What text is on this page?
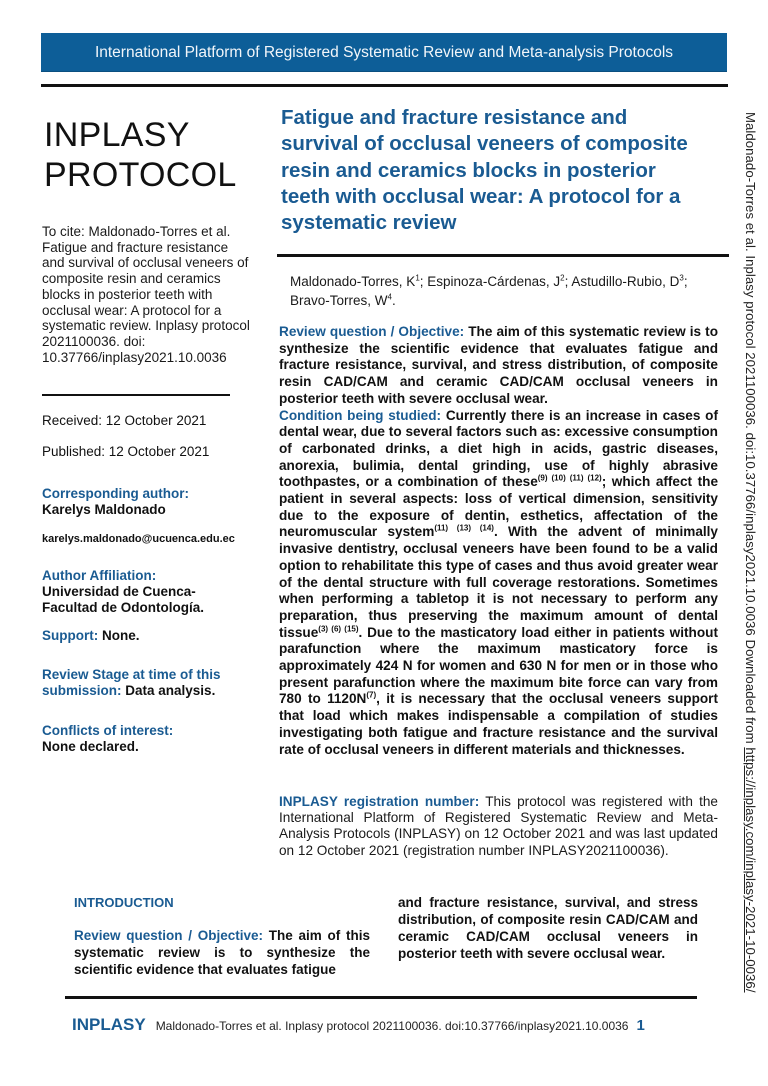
International Platform of Registered Systematic Review and Meta-analysis Protocols
INPLASY
PROTOCOL
To cite: Maldonado-Torres et al. Fatigue and fracture resistance and survival of occlusal veneers of composite resin and ceramics blocks in posterior teeth with occlusal wear: A protocol for a systematic review. Inplasy protocol 2021100036. doi: 10.37766/inplasy2021.10.0036
Received: 12 October 2021
Published: 12 October 2021
Corresponding author:
Karelys Maldonado
karelys.maldonado@ucuenca.edu.ec
Author Affiliation:
Universidad de Cuenca-
Facultad de Odontología.
Support: None.
Review Stage at time of this submission: Data analysis.
Conflicts of interest:
None declared.
Fatigue and fracture resistance and survival of occlusal veneers of composite resin and ceramics blocks in posterior teeth with occlusal wear: A protocol for a systematic review
Maldonado-Torres, $K^1$; Espinoza-Cárdenas, $J^2$; Astudillo-Rubio, $D^3$;
Bravo-Torres, $W^4$.
Review question / Objective: The aim of this systematic review is to synthesize the scientific evidence that evaluates fatigue and fracture resistance, survival, and stress distribution, of composite resin CAD/CAM and ceramic CAD/CAM occlusal veneers in posterior teeth with severe occlusal wear.
Condition being studied: Currently there is an increase in cases of dental wear, due to several factors such as: excessive consumption of carbonated drinks, a diet high in acids, gastric diseases, anorexia, bulimia, dental grinding, use of highly abrasive toothpastes, or a combination of these$^{(9) (10) (11) (12)}$; which affect the patient in several aspects: loss of vertical dimension, sensitivity due to the exposure of dentin, esthetics, affectation of the neuromuscular system$^{(11) (13) (14)}$. With the advent of minimally invasive dentistry, occlusal veneers have been found to be a valid option to rehabilitate this type of cases and thus avoid greater wear of the dental structure with full coverage restorations. Sometimes when performing a tabletop it is not necessary to perform any preparation, thus preserving the maximum amount of dental tissue$^{(3) (6) (15)}$. Due to the masticatory load either in patients without parafunction where the maximum masticatory force is approximately 424 N for women and 630 N for men or in those who present parafunction where the maximum bite force can vary from 780 to $1120N^{(7)}$, it is necessary that the occlusal veneers support that load which makes indispensable a compilation of studies investigating both fatigue and fracture resistance and the survival rate of occlusal veneers in different materials and thicknesses.
INPLASY registration number: This protocol was registered with the International Platform of Registered Systematic Review and Meta-Analysis Protocols (INPLASY) on 12 October 2021 and was last updated on 12 October 2021 (registration number INPLASY2021100036).
INTRODUCTION
Review question / Objective: The aim of this systematic review is to synthesize the scientific evidence that evaluates fatigue
and fracture resistance, survival, and stress distribution, of composite resin CAD/CAM and ceramic CAD/CAM occlusal veneers in posterior teeth with severe occlusal wear.
INPLASY Maldonado-Torres et al. Inplasy protocol 2021100036. doi:10.37766/inplasy2021.10.0036 1
Maldonado-Torres et al. Inplasy protocol 2021100036. doi:10.37766/inplasy2021.10.0036 Downloaded from https://inplasy.com/inplasy-2021-10-0036/
